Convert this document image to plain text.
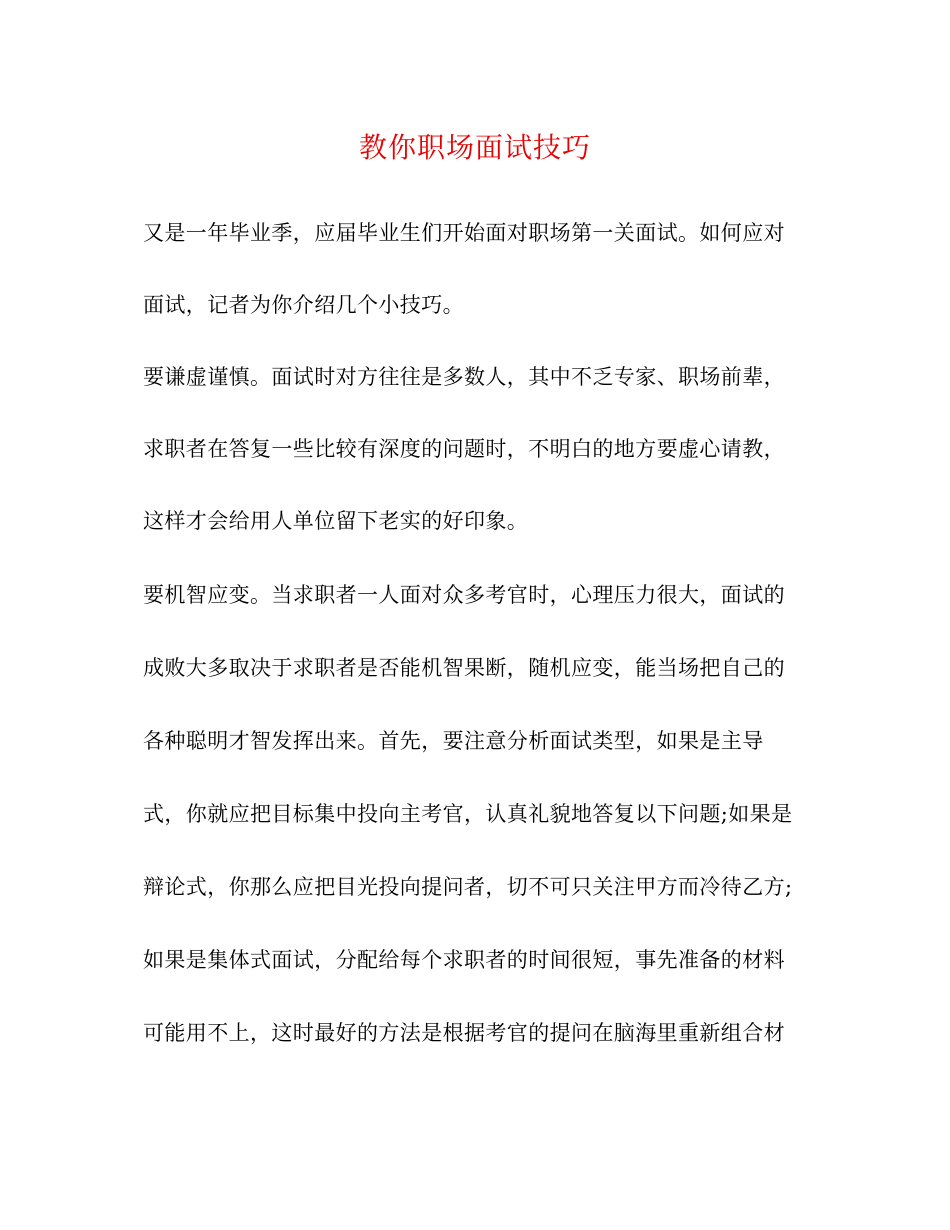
教你职场面试技巧
又是一年毕业季，应届毕业生们开始面对职场第一关面试。如何应对
面试，记者为你介绍几个小技巧。
要谦虚谨慎。面试时对方往往是多数人，其中不乏专家、职场前辈，
求职者在答复一些比较有深度的问题时，不明白的地方要虚心请教，
这样才会给用人单位留下老实的好印象。
要机智应变。当求职者一人面对众多考官时，心理压力很大，面试的
成败大多取决于求职者是否能机智果断，随机应变，能当场把自己的
各种聪明才智发挥出来。首先，要注意分析面试类型，如果是主导
式，你就应把目标集中投向主考官，认真礼貌地答复以下问题;如果是
辩论式，你那么应把目光投向提问者，切不可只关注甲方而冷待乙方;
如果是集体式面试，分配给每个求职者的时间很短，事先准备的材料
可能用不上，这时最好的方法是根据考官的提问在脑海里重新组合材
